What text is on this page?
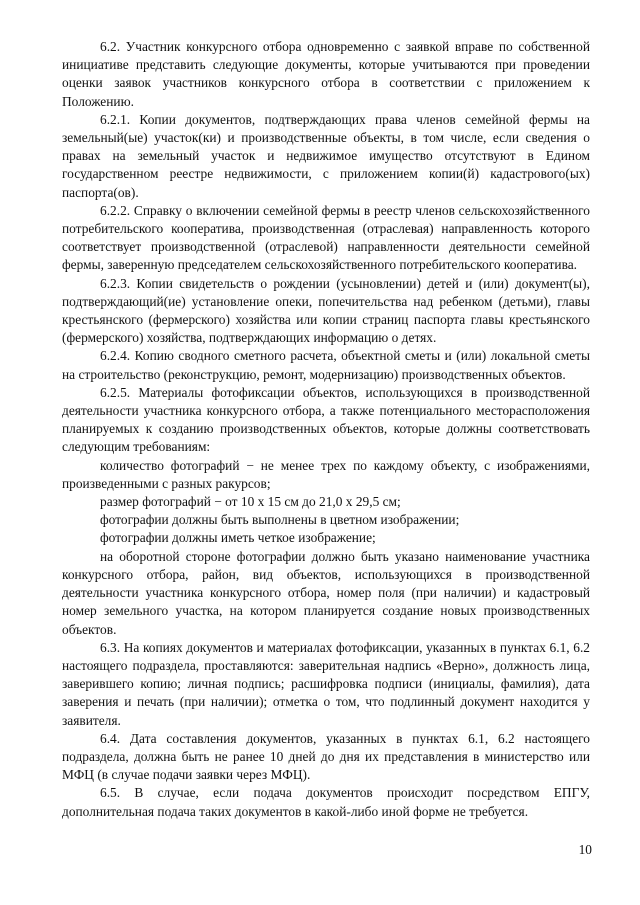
6.2. Участник конкурсного отбора одновременно с заявкой вправе по собственной инициативе представить следующие документы, которые учитываются при проведении оценки заявок участников конкурсного отбора в соответствии с приложением к Положению.

6.2.1. Копии документов, подтверждающих права членов семейной фермы на земельный(ые) участок(ки) и производственные объекты, в том числе, если сведения о правах на земельный участок и недвижимое имущество отсутствуют в Едином государственном реестре недвижимости, с приложением копии(й) кадастрового(ых) паспорта(ов).

6.2.2. Справку о включении семейной фермы в реестр членов сельскохозяйственного потребительского кооператива, производственная (отраслевая) направленность которого соответствует производственной (отраслевой) направленности деятельности семейной фермы, заверенную председателем сельскохозяйственного потребительского кооператива.

6.2.3. Копии свидетельств о рождении (усыновлении) детей и (или) документ(ы), подтверждающий(ие) установление опеки, попечительства над ребенком (детьми), главы крестьянского (фермерского) хозяйства или копии страниц паспорта главы крестьянского (фермерского) хозяйства, подтверждающих информацию о детях.

6.2.4. Копию сводного сметного расчета, объектной сметы и (или) локальной сметы на строительство (реконструкцию, ремонт, модернизацию) производственных объектов.

6.2.5. Материалы фотофиксации объектов, использующихся в производственной деятельности участника конкурсного отбора, а также потенциального месторасположения планируемых к созданию производственных объектов, которые должны соответствовать следующим требованиям:

количество фотографий − не менее трех по каждому объекту, с изображениями, произведенными с разных ракурсов;

размер фотографий − от 10 х 15 см до 21,0 х 29,5 см;

фотографии должны быть выполнены в цветном изображении;

фотографии должны иметь четкое изображение;

на оборотной стороне фотографии должно быть указано наименование участника конкурсного отбора, район, вид объектов, использующихся в производственной деятельности участника конкурсного отбора, номер поля (при наличии) и кадастровый номер земельного участка, на котором планируется создание новых производственных объектов.

6.3. На копиях документов и материалах фотофиксации, указанных в пунктах 6.1, 6.2 настоящего подраздела, проставляются: заверительная надпись «Верно», должность лица, заверившего копию; личная подпись; расшифровка подписи (инициалы, фамилия), дата заверения и печать (при наличии); отметка о том, что подлинный документ находится у заявителя.

6.4. Дата составления документов, указанных в пунктах 6.1, 6.2 настоящего подраздела, должна быть не ранее 10 дней до дня их представления в министерство или МФЦ (в случае подачи заявки через МФЦ).

6.5. В случае, если подача документов происходит посредством ЕПГУ, дополнительная подача таких документов в какой-либо иной форме не требуется.

10
